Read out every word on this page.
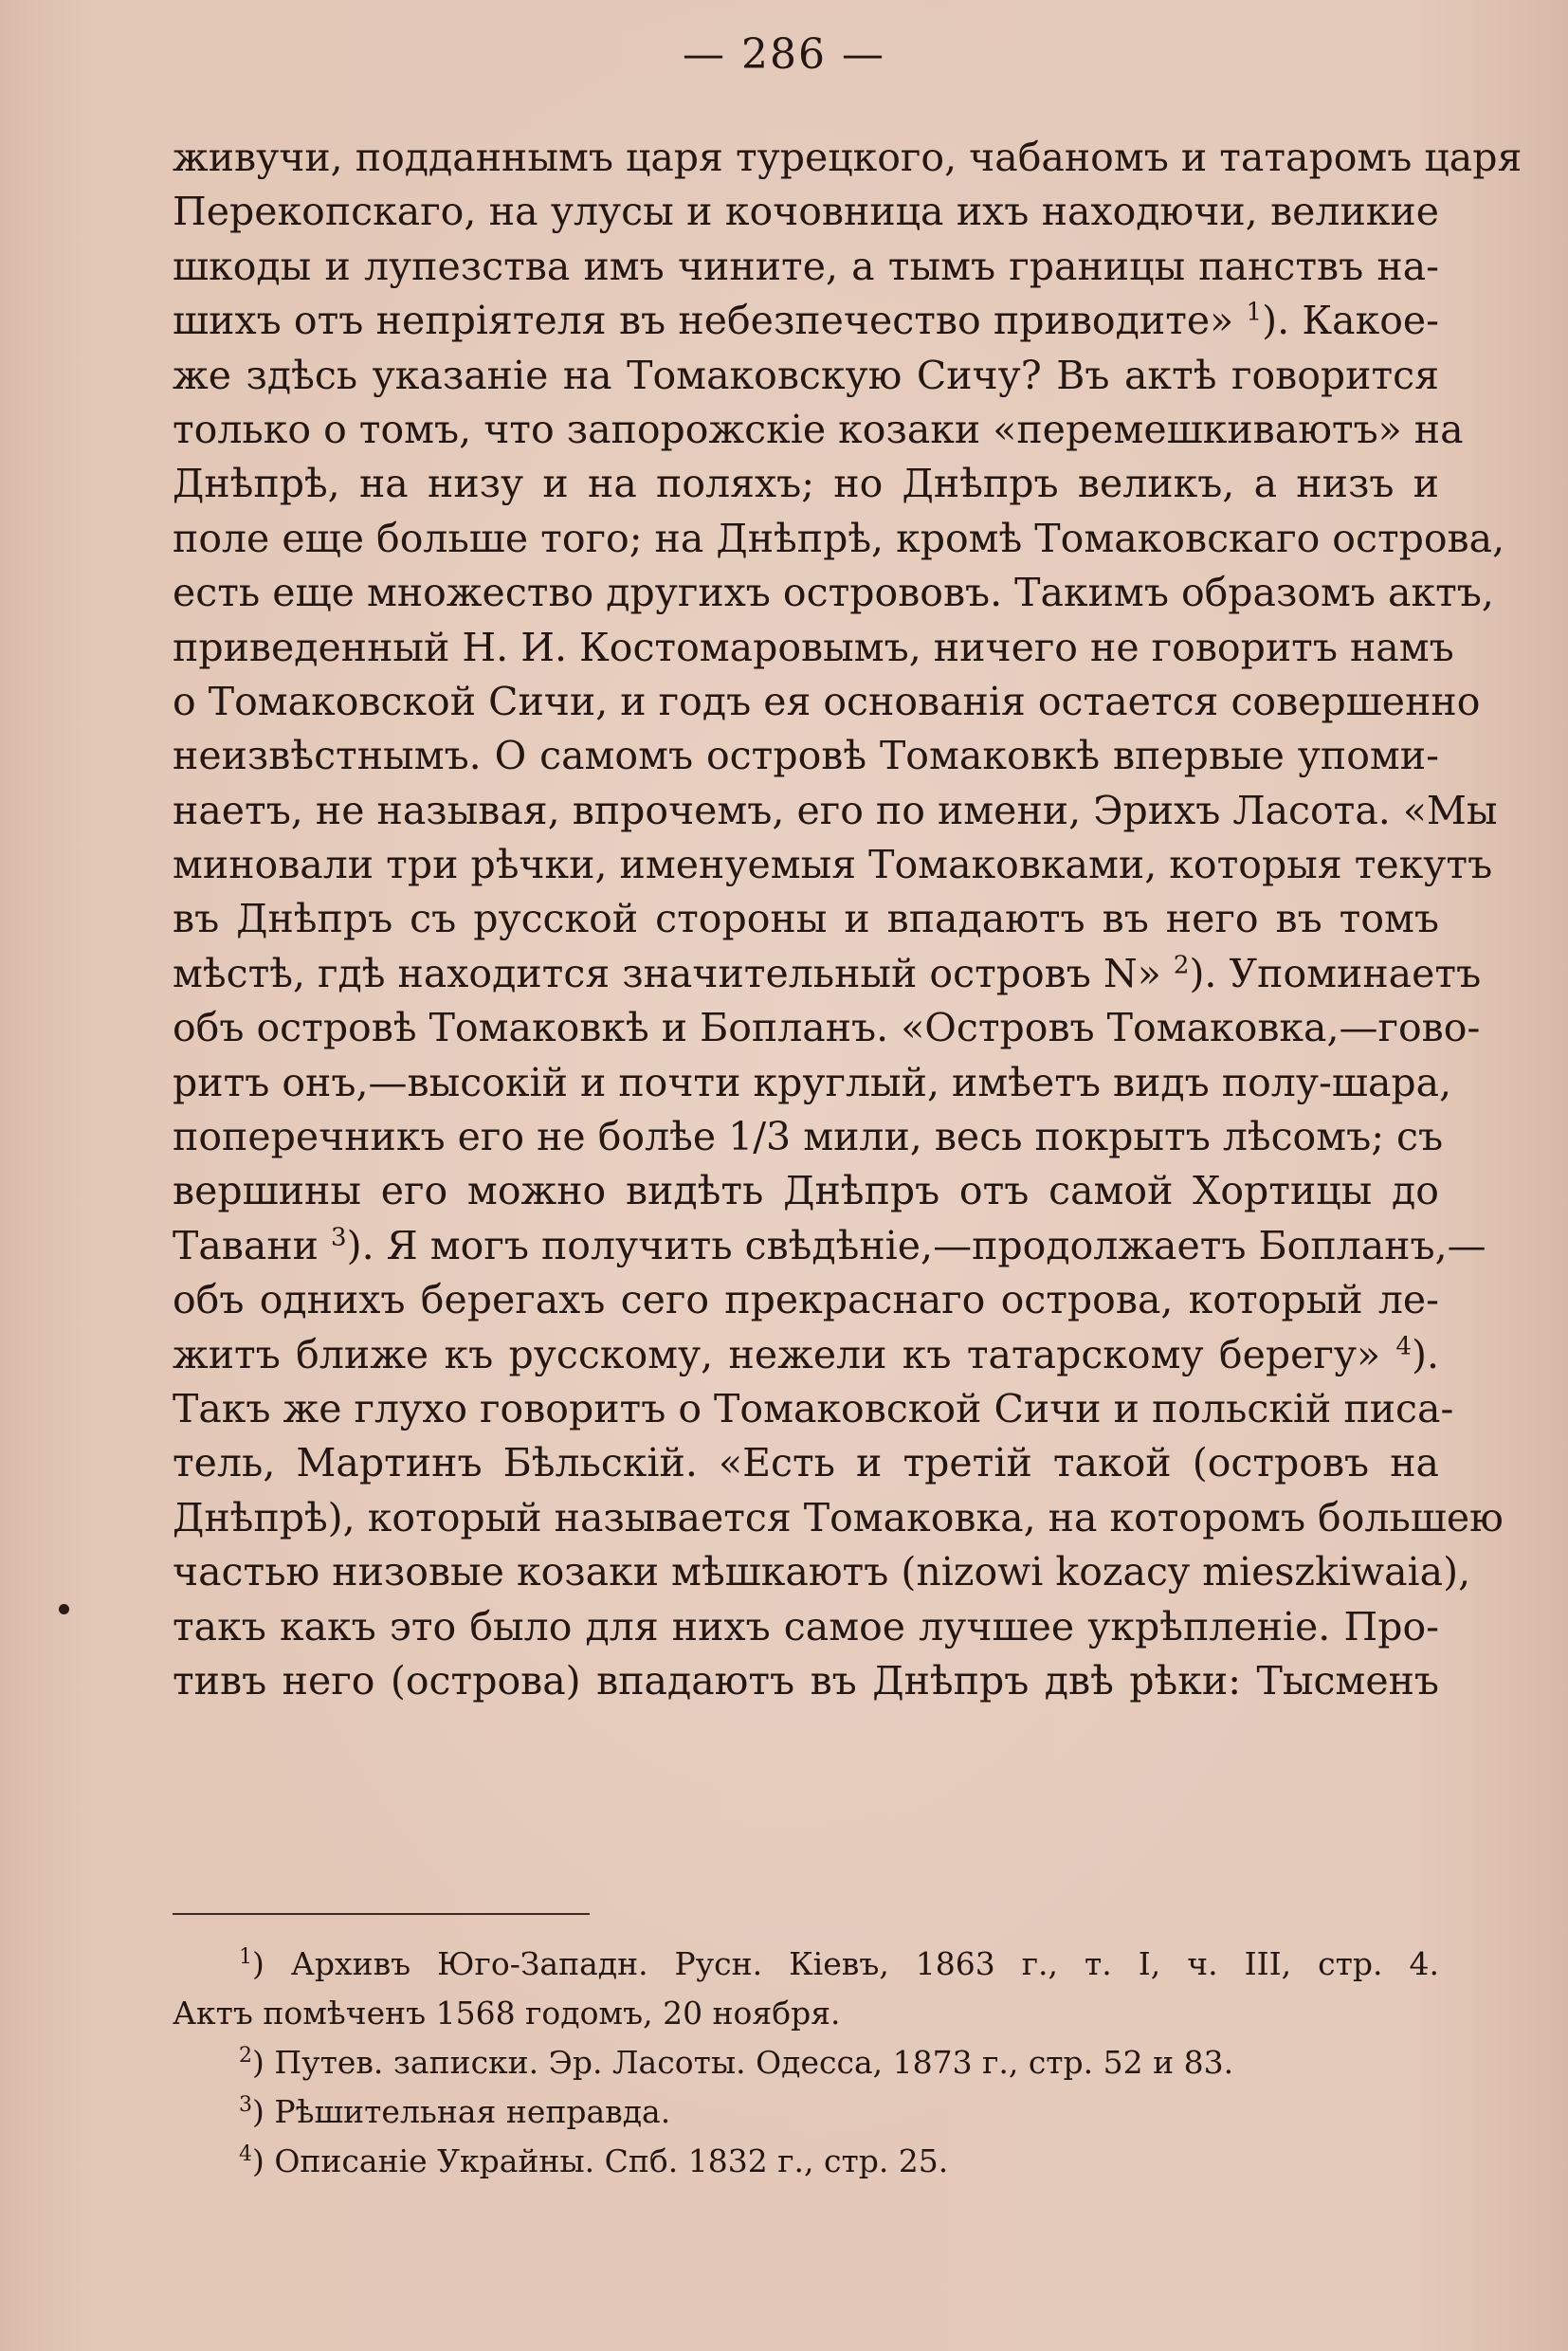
— 286 —
живучи, подданнымъ царя турецкого, чабаномъ и татаромъ царя
Перекопскаго, на улусы и кочовница ихъ находючи, великие
шкоды и лупезства имъ чините, а тымъ границы панствъ на-
шихъ отъ непріятеля въ небезпечество приводите» $^1$). Какое-
же здѣсь указаніе на Томаковскую Сичу? Въ актѣ говорится
только о томъ, что запорожскіе козаки «перемешкиваютъ» на
Днѣпрѣ, на низу и на поляхъ; но Днѣпръ великъ, а низъ и
поле еще больше того; на Днѣпрѣ, кромѣ Томаковскаго острова,
есть еще множество другихъ острововъ. Такимъ образомъ актъ,
приведенный Н. И. Костомаровымъ, ничего не говоритъ намъ
о Томаковской Сичи, и годъ ея основанія остается совершенно
неизвѣстнымъ. О самомъ островѣ Томаковкѣ впервые упоми-
наетъ, не называя, впрочемъ, его по имени, Эрихъ Ласота. «Мы
миновали три рѣчки, именуемыя Томаковками, которыя текутъ
въ Днѣпръ съ русской стороны и впадаютъ въ него въ томъ
мѣстѣ, гдѣ находится значительный островъ N» $^2$). Упоминаетъ
объ островѣ Томаковкѣ и Бопланъ. «Островъ Томаковка,—гово-
ритъ онъ,—высокій и почти круглый, имѣетъ видъ полу-шара,
поперечникъ его не болѣе 1/3 мили, весь покрытъ лѣсомъ; съ
вершины его можно видѣть Днѣпръ отъ самой Хортицы до
Тавани $^3$). Я могъ получить свѣдѣніе,—продолжаетъ Бопланъ,—
объ однихъ берегахъ сего прекраснаго острова, который ле-
житъ ближе къ русскому, нежели къ татарскому берегу» $^4$).
Такъ же глухо говоритъ о Томаковской Сичи и польскій писа-
тель, Мартинъ Бѣльскій. «Есть и третій такой (островъ на
Днѣпрѣ), который называется Томаковка, на которомъ большею
частью низовые козаки мѣшкаютъ (nizowi kozacy mieszkiwaia),
такъ какъ это было для нихъ самое лучшее укрѣпленіе. Про-
тивъ него (острова) впадаютъ въ Днѣпръ двѣ рѣки: Тысменъ
$^1$) Архивъ Юго-Западн. Русн. Кiевъ, 1863 г., т. I, ч. III, стр. 4.
Актъ помѣченъ 1568 годомъ, 20 ноября.
$^2$) Путев. записки. Эр. Ласоты. Одесса, 1873 г., стр. 52 и 83.
$^3$) Рѣшительная неправда.
$^4$) Описаніе Украйны. Спб. 1832 г., стр. 25.
